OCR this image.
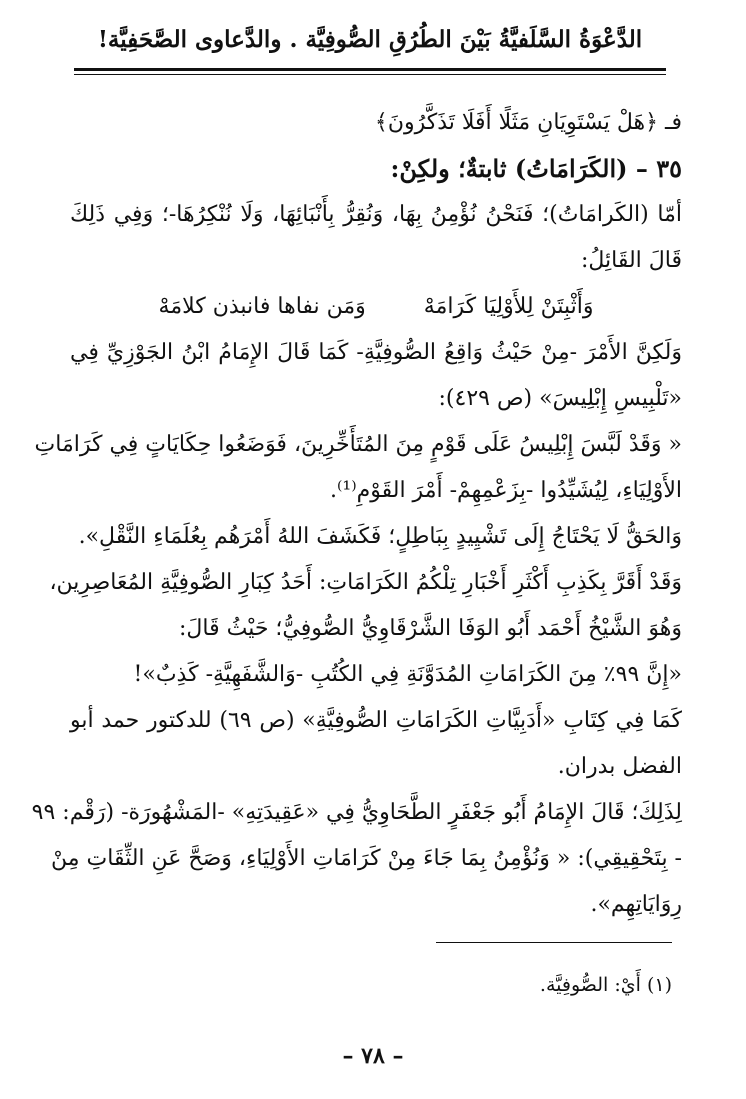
الدَّعْوَةُ السَّلَفيَّةُ بَيْنَ الطُرُقِ الصُّوفِيَّة . والدَّعاوى الصَّحَفِيَّة!
فـ ﴿هَلْ يَسْتَوِيَانِ مَثَلًا أَفَلَا تَذَكَّرُونَ﴾
٣٥ – (الكَرَامَاتُ) ثابتةٌ؛ ولكِنْ:
أمّا (الكَرامَاتُ)؛ فَنَحْنُ نُؤْمِنُ بِهَا، وَنُقِرُّ بِأَنْبَائِهَا، وَلَا نُنْكِرُهَا-؛ وَفِي ذَلِكَ
قَالَ القَائِلُ:
وَأَثْبِتَنْ لِلأَوْلِيَا كَرَامَهْ
وَمَن نفاها فانبذن كلامَهْ
وَلَكِنَّ الأَمْرَ -مِنْ حَيْثُ وَاقِعُ الصُّوفِيَّةِ- كَمَا قَالَ الإِمَامُ ابْنُ الجَوْزِيِّ فِي
«تَلْبِيسِ إِبْلِيسَ» (ص ٤٢٩):
« وَقَدْ لَبَّسَ إِبْلِيسُ عَلَى قَوْمٍ مِنَ المُتَأَخِّرِينَ، فَوَضَعُوا حِكَايَاتٍ فِي كَرَامَاتِ
الأَوْلِيَاءِ، لِيُشَيِّدُوا -بِزَعْمِهِمْ- أَمْرَ القَوْمِ⁽¹⁾.
وَالحَقُّ لَا يَحْتَاجُ إِلَى تَشْيِيدٍ بِبَاطِلٍ؛ فَكَشَفَ اللهُ أَمْرَهُم بِعُلَمَاءِ النَّقْلِ».
وَقَدْ أَقَرَّ بِكَذِبِ أَكْثَرِ أَخْبَارِ تِلْكُمُ الكَرَامَاتِ: أَحَدُ كِبَارِ الصُّوفِيَّةِ المُعَاصِرِين،
وَهُوَ الشَّيْخُ أَحْمَد أَبُو الوَفَا الشَّرْقَاوِيُّ الصُّوفِيُّ؛ حَيْثُ قَالَ:
«إِنَّ ٩٩٪ مِنَ الكَرَامَاتِ المُدَوَّنَةِ فِي الكُتُبِ -وَالشَّفَهِيَّةِ- كَذِبٌ»!
كَمَا فِي كِتَابِ «أَدَبِيَّاتِ الكَرَامَاتِ الصُّوفِيَّةِ» (ص ٦٩) للدكتور حمد أبو
الفضل بدران.
لِذَلِكَ؛ قَالَ الإِمَامُ أَبُو جَعْفَرٍ الطَّحَاوِيُّ فِي «عَقِيدَتِهِ» -المَشْهُورَة- (رَقْم: ٩٩
- بِتَحْقِيقِي): « وَنُؤْمِنُ بِمَا جَاءَ مِنْ كَرَامَاتِ الأَوْلِيَاءِ، وَصَحَّ عَنِ الثِّقَاتِ مِنْ
رِوَايَاتِهِم».
(١) أَيْ: الصُّوفِيَّة.
– ٧٨ –
